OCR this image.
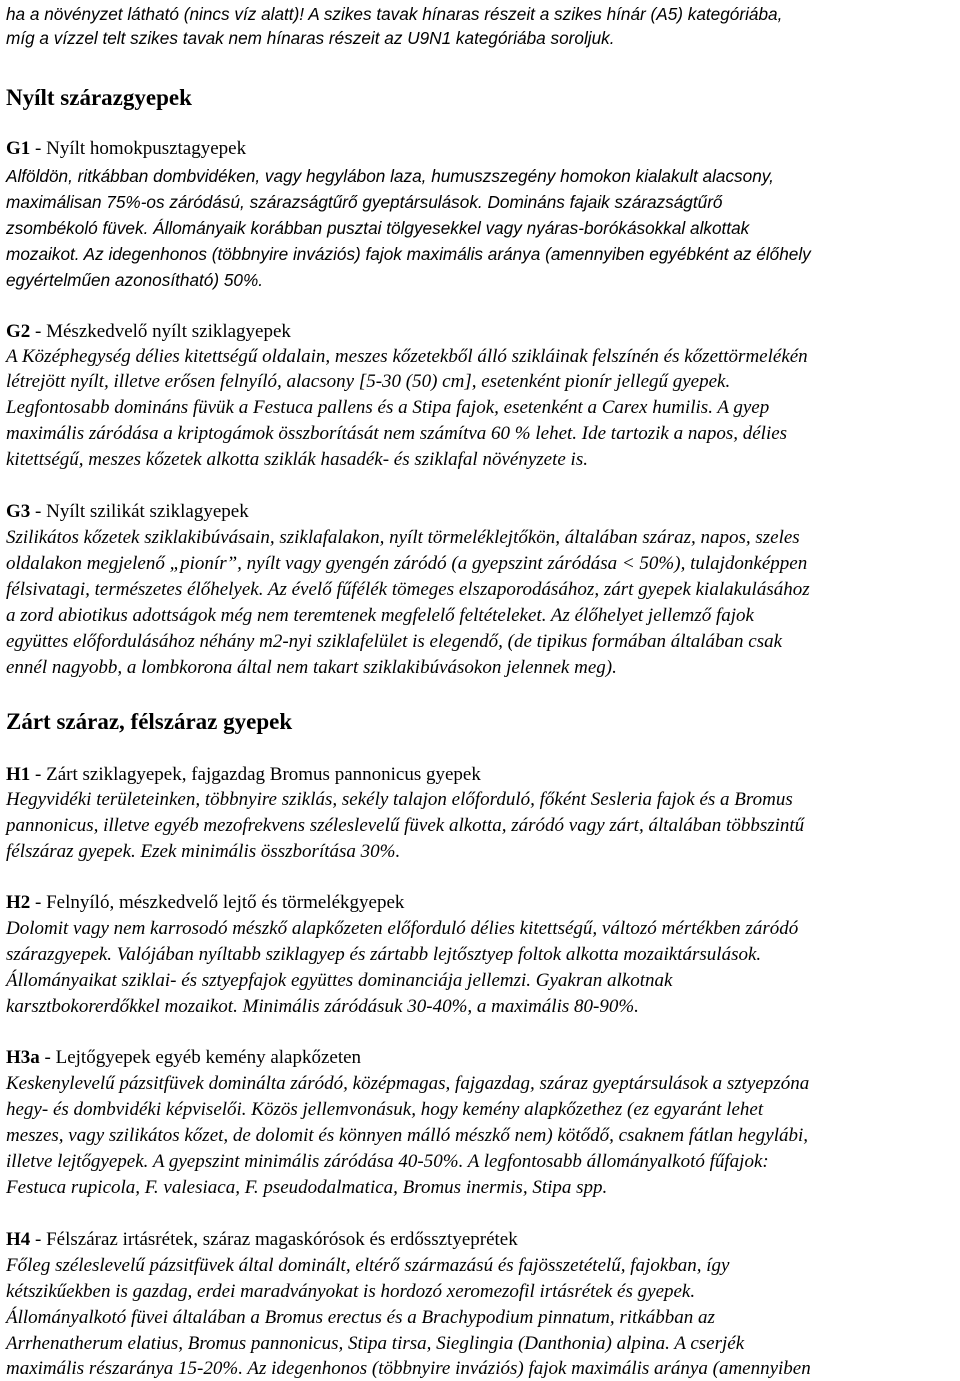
ha a növényzet látható (nincs víz alatt)! A szikes tavak hínaras részeit a szikes hínár (A5) kategóriába,

míg a vízzel telt szikes tavak nem hínaras részeit az U9N1 kategóriába soroljuk.

Nyílt szárazgyepek

G1 - Nyílt homokpusztagyepek

Alföldön, ritkábban dombvidéken, vagy hegylábon laza, humuszszegény homokon kialakult alacsony,

maximálisan 75%-os záródású, szárazságtűrő gyeptársulások. Domináns fajaik szárazságtűrő

zsombékoló füvek. Állományaik korábban pusztai tölgyesekkel vagy nyáras-borókásokkal alkottak

mozaikot. Az idegenhonos (többnyire inváziós) fajok maximális aránya (amennyiben egyébként az élőhely

egyértelműen azonosítható) 50%.

G2 - Mészkedvelő nyílt sziklagyepek

A Középhegység délies kitettségű oldalain, meszes kőzetekből álló szikláinak felszínén és kőzettörmelékén

létrejött nyílt, illetve erősen felnyíló, alacsony [5-30 (50) cm], esetenként pionír jellegű gyepek.

Legfontosabb domináns füvük a Festuca pallens és a Stipa fajok, esetenként a Carex humilis. A gyep

maximális záródása a kriptogámok összborítását nem számítva 60 % lehet. Ide tartozik a napos, délies

kitettségű, meszes kőzetek alkotta sziklák hasadék- és sziklafal növényzete is.

G3 - Nyílt szilikát sziklagyepek

Szilikátos kőzetek sziklakibúvásain, sziklafalakon, nyílt törmeléklejtőkön, általában száraz, napos, szeles

oldalakon megjelenő „pionír”, nyílt vagy gyengén záródó (a gyepszint záródása < 50%), tulajdonképpen

félsivatagi, természetes élőhelyek. Az évelő fűfélék tömeges elszaporodásához, zárt gyepek kialakulásához

a zord abiotikus adottságok még nem teremtenek megfelelő feltételeket. Az élőhelyet jellemző fajok

együttes előfordulásához néhány m2-nyi sziklafelület is elegendő, (de tipikus formában általában csak

ennél nagyobb, a lombkorona által nem takart sziklakibúvásokon jelennek meg).

Zárt száraz, félszáraz gyepek

H1 - Zárt sziklagyepek, fajgazdag Bromus pannonicus gyepek

Hegyvidéki területeinken, többnyire sziklás, sekély talajon előforduló, főként Sesleria fajok és a Bromus

pannonicus, illetve egyéb mezofrekvens széleslevelű füvek alkotta, záródó vagy zárt, általában többszintű

félszáraz gyepek. Ezek minimális összborítása 30%.

H2 - Felnyíló, mészkedvelő lejtő és törmelékgyepek

Dolomit vagy nem karrosodó mészkő alapkőzeten előforduló délies kitettségű, változó mértékben záródó

szárazgyepek. Valójában nyíltabb sziklagyep és zártabb lejtősztyep foltok alkotta mozaiktársulások.

Állományaikat sziklai- és sztyepfajok együttes dominanciája jellemzi. Gyakran alkotnak

karsztbokorerdőkkel mozaikot. Minimális záródásuk 30-40%, a maximális 80-90%.

H3a - Lejtőgyepek egyéb kemény alapkőzeten

Keskenylevelű pázsitfüvek dominálta záródó, középmagas, fajgazdag, száraz gyeptársulások a sztyepzóna

hegy- és dombvidéki képviselői. Közös jellemvonásuk, hogy kemény alapkőzethez (ez egyaránt lehet

meszes, vagy szilikátos kőzet, de dolomit és könnyen málló mészkő nem) kötődő, csaknem fátlan hegylábi,

illetve lejtőgyepek. A gyepszint minimális záródása 40-50%. A legfontosabb állományalkotó fűfajok:

Festuca rupicola, F. valesiaca, F. pseudodalmatica, Bromus inermis, Stipa spp.

H4 - Félszáraz irtásrétek, száraz magaskórósok és erdőssztyeprétek

Főleg széleslevelű pázsitfüvek által dominált, eltérő származású és fajösszetételű, fajokban, így

kétszikűekben is gazdag, erdei maradványokat is hordozó xeromezofil irtásrétek és gyepek.

Állományalkotó füvei általában a Bromus erectus és a Brachypodium pinnatum, ritkábban az

Arrhenatherum elatius, Bromus pannonicus, Stipa tirsa, Sieglingia (Danthonia) alpina. A cserjék

maximális részaránya 15-20%. Az idegenhonos (többnyire inváziós) fajok maximális aránya (amennyiben
